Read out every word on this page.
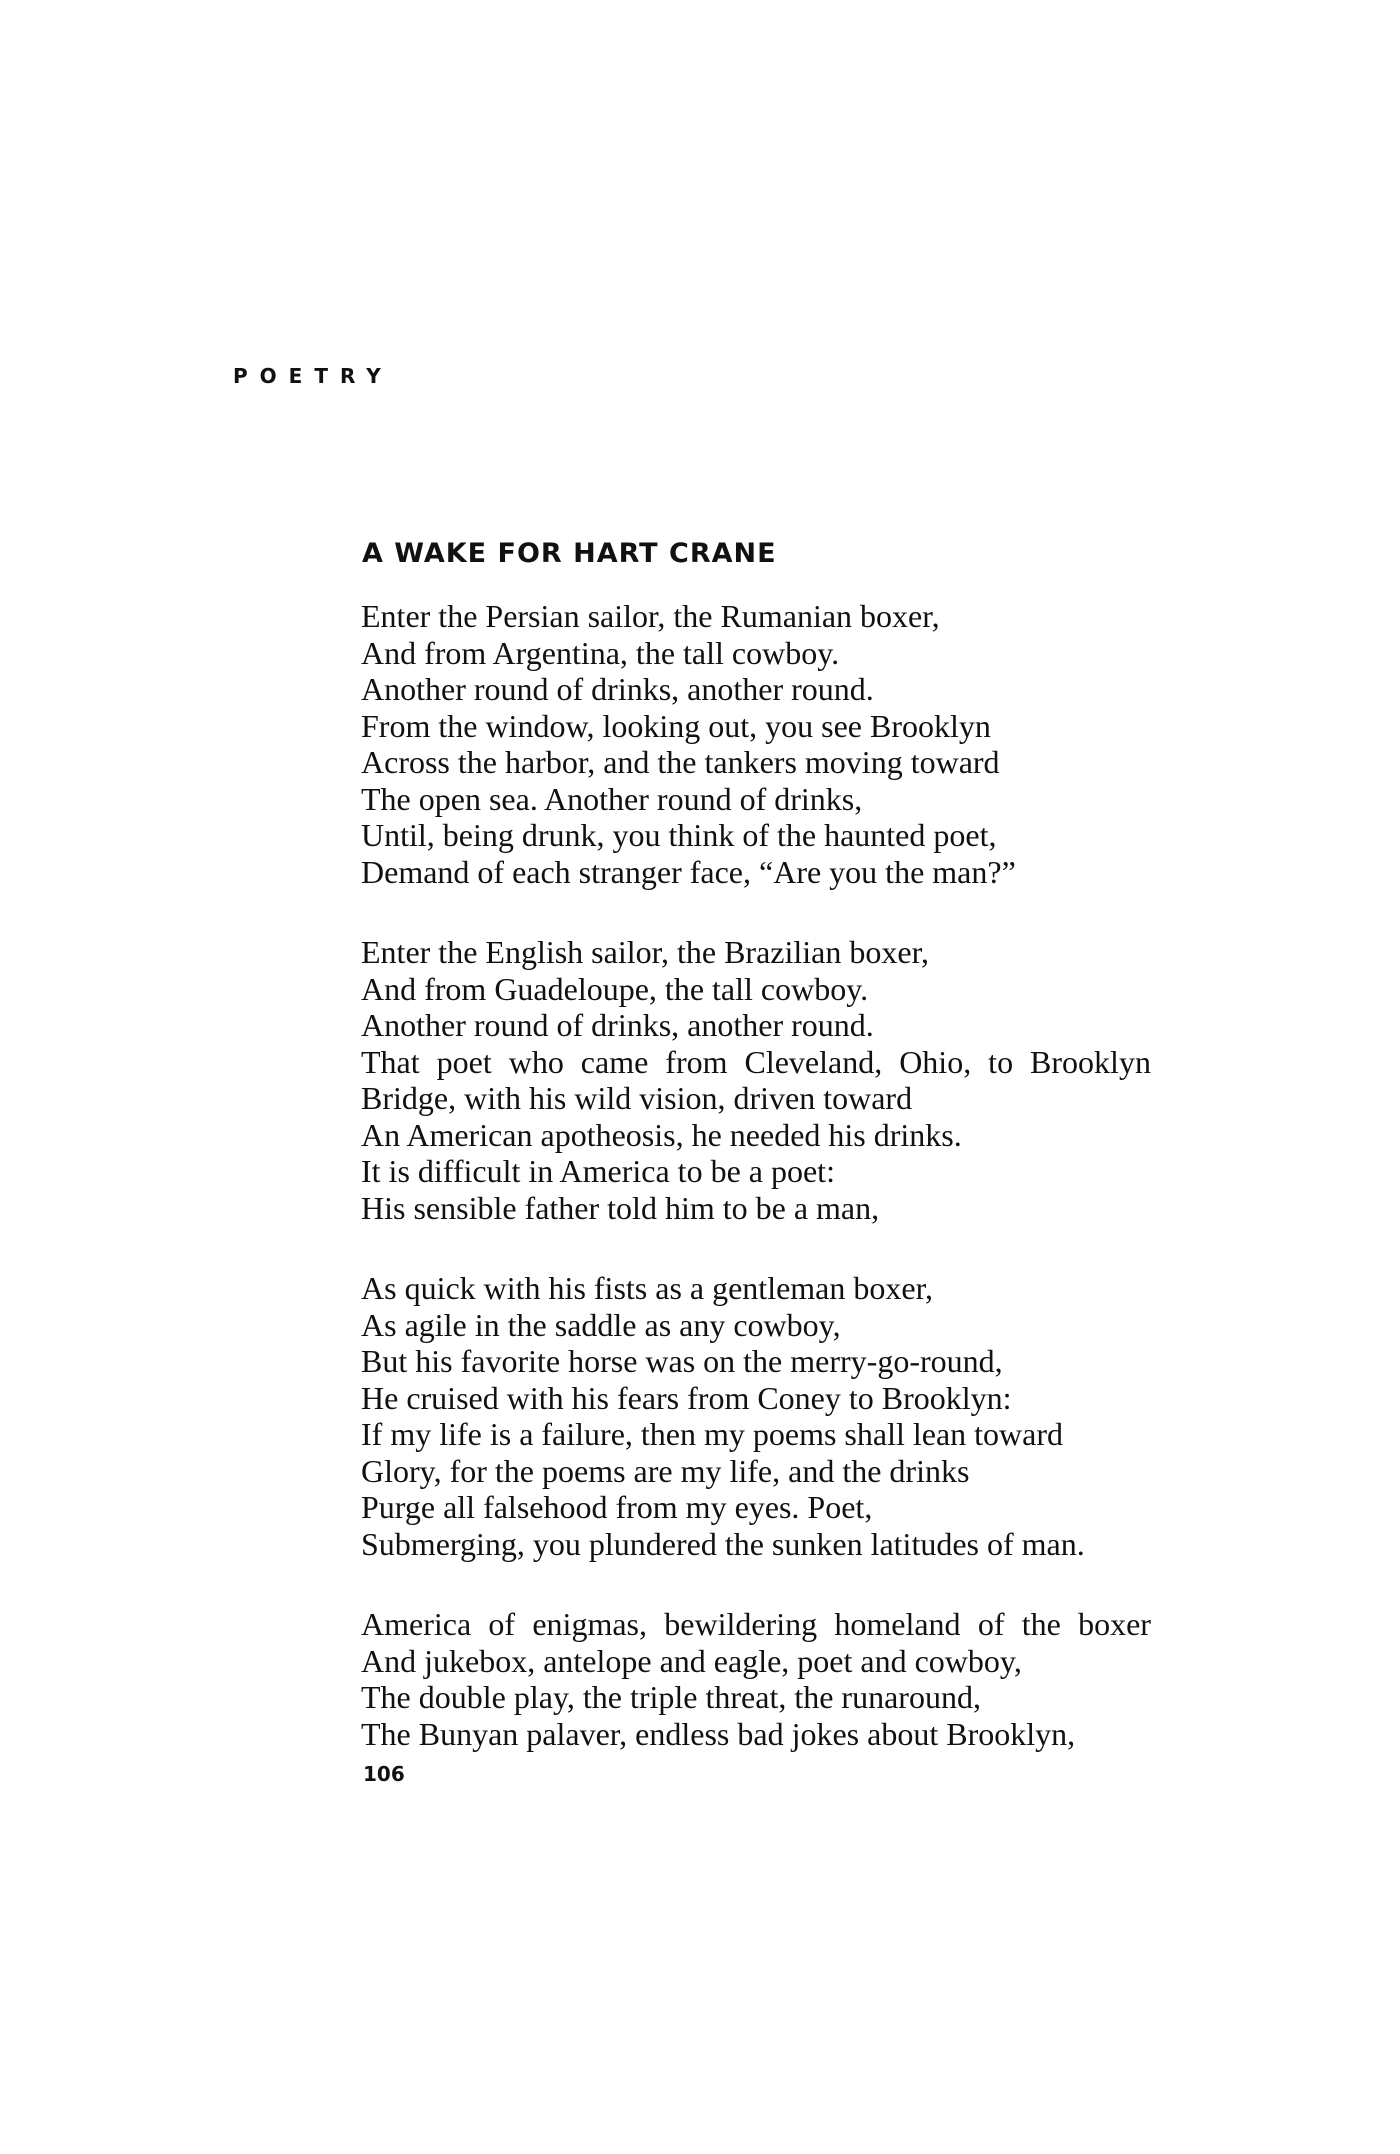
POETRY

A WAKE FOR HART CRANE

Enter the Persian sailor, the Rumanian boxer,

And from Argentina, the tall cowboy.

Another round of drinks, another round.

From the window, looking out, you see Brooklyn

Across the harbor, and the tankers moving toward

The open sea. Another round of drinks,

Until, being drunk, you think of the haunted poet,

Demand of each stranger face, “Are you the man?”

Enter the English sailor, the Brazilian boxer,

And from Guadeloupe, the tall cowboy.

Another round of drinks, another round.

That poet who came from Cleveland, Ohio, to Brooklyn

Bridge, with his wild vision, driven toward

An American apotheosis, he needed his drinks.

It is difficult in America to be a poet:

His sensible father told him to be a man,

As quick with his fists as a gentleman boxer,

As agile in the saddle as any cowboy,

But his favorite horse was on the merry-go-round,

He cruised with his fears from Coney to Brooklyn:

If my life is a failure, then my poems shall lean toward

Glory, for the poems are my life, and the drinks

Purge all falsehood from my eyes. Poet,

Submerging, you plundered the sunken latitudes of man.

America of enigmas, bewildering homeland of the boxer

And jukebox, antelope and eagle, poet and cowboy,

The double play, the triple threat, the runaround,

The Bunyan palaver, endless bad jokes about Brooklyn,

106
